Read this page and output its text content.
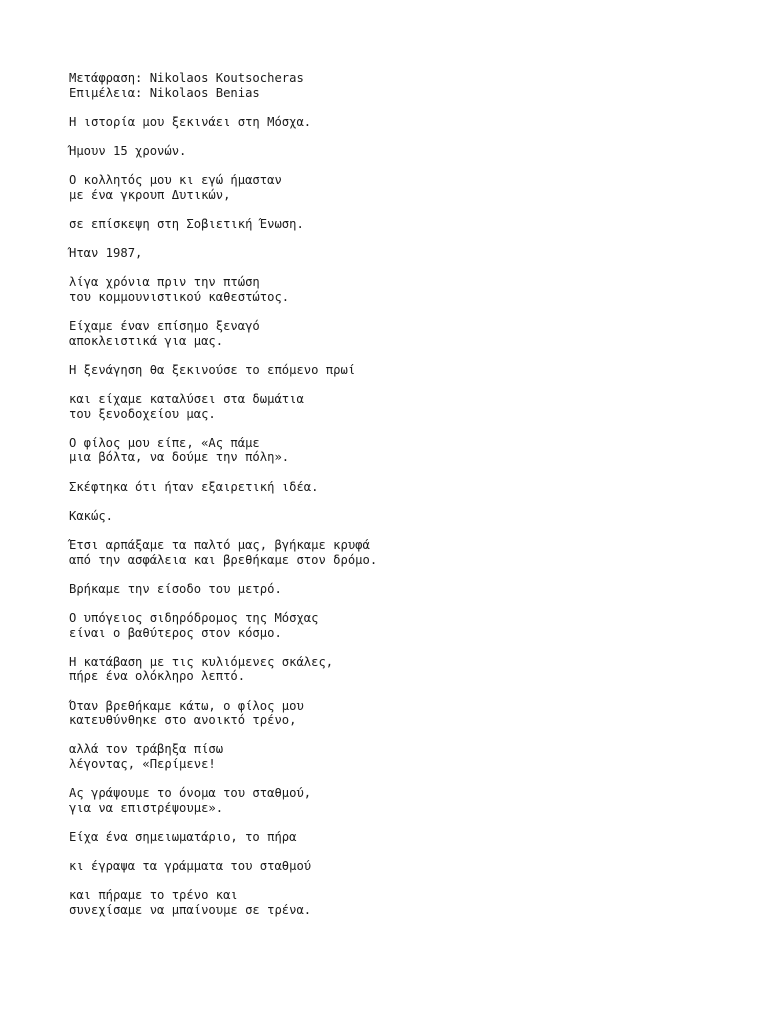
Μετάφραση: Nikolaos Koutsocheras
Επιμέλεια: Nikolaos Benias
Η ιστορία μου ξεκινάει στη Μόσχα.
Ήμουν 15 χρονών.
Ο κολλητός μου κι εγώ ήμασταν
με ένα γκρουπ Δυτικών,
σε επίσκεψη στη Σοβιετική Ένωση.
Ήταν 1987,
λίγα χρόνια πριν την πτώση
του κομμουνιστικού καθεστώτος.
Είχαμε έναν επίσημο ξεναγό
αποκλειστικά για μας.
Η ξενάγηση θα ξεκινούσε το επόμενο πρωί
και είχαμε καταλύσει στα δωμάτια
του ξενοδοχείου μας.
Ο φίλος μου είπε, «Ας πάμε
μια βόλτα, να δούμε την πόλη».
Σκέφτηκα ότι ήταν εξαιρετική ιδέα.
Κακώς.
Έτσι αρπάξαμε τα παλτό μας, βγήκαμε κρυφά
από την ασφάλεια και βρεθήκαμε στον δρόμο.
Βρήκαμε την είσοδο του μετρό.
Ο υπόγειος σιδηρόδρομος της Μόσχας
είναι ο βαθύτερος στον κόσμο.
Η κατάβαση με τις κυλιόμενες σκάλες,
πήρε ένα ολόκληρο λεπτό.
Όταν βρεθήκαμε κάτω, ο φίλος μου
κατευθύνθηκε στο ανοικτό τρένο,
αλλά τον τράβηξα πίσω
λέγοντας, «Περίμενε!
Ας γράψουμε το όνομα του σταθμού,
για να επιστρέψουμε».
Είχα ένα σημειωματάριο, το πήρα
κι έγραψα τα γράμματα του σταθμού
και πήραμε το τρένο και
συνεχίσαμε να μπαίνουμε σε τρένα.
